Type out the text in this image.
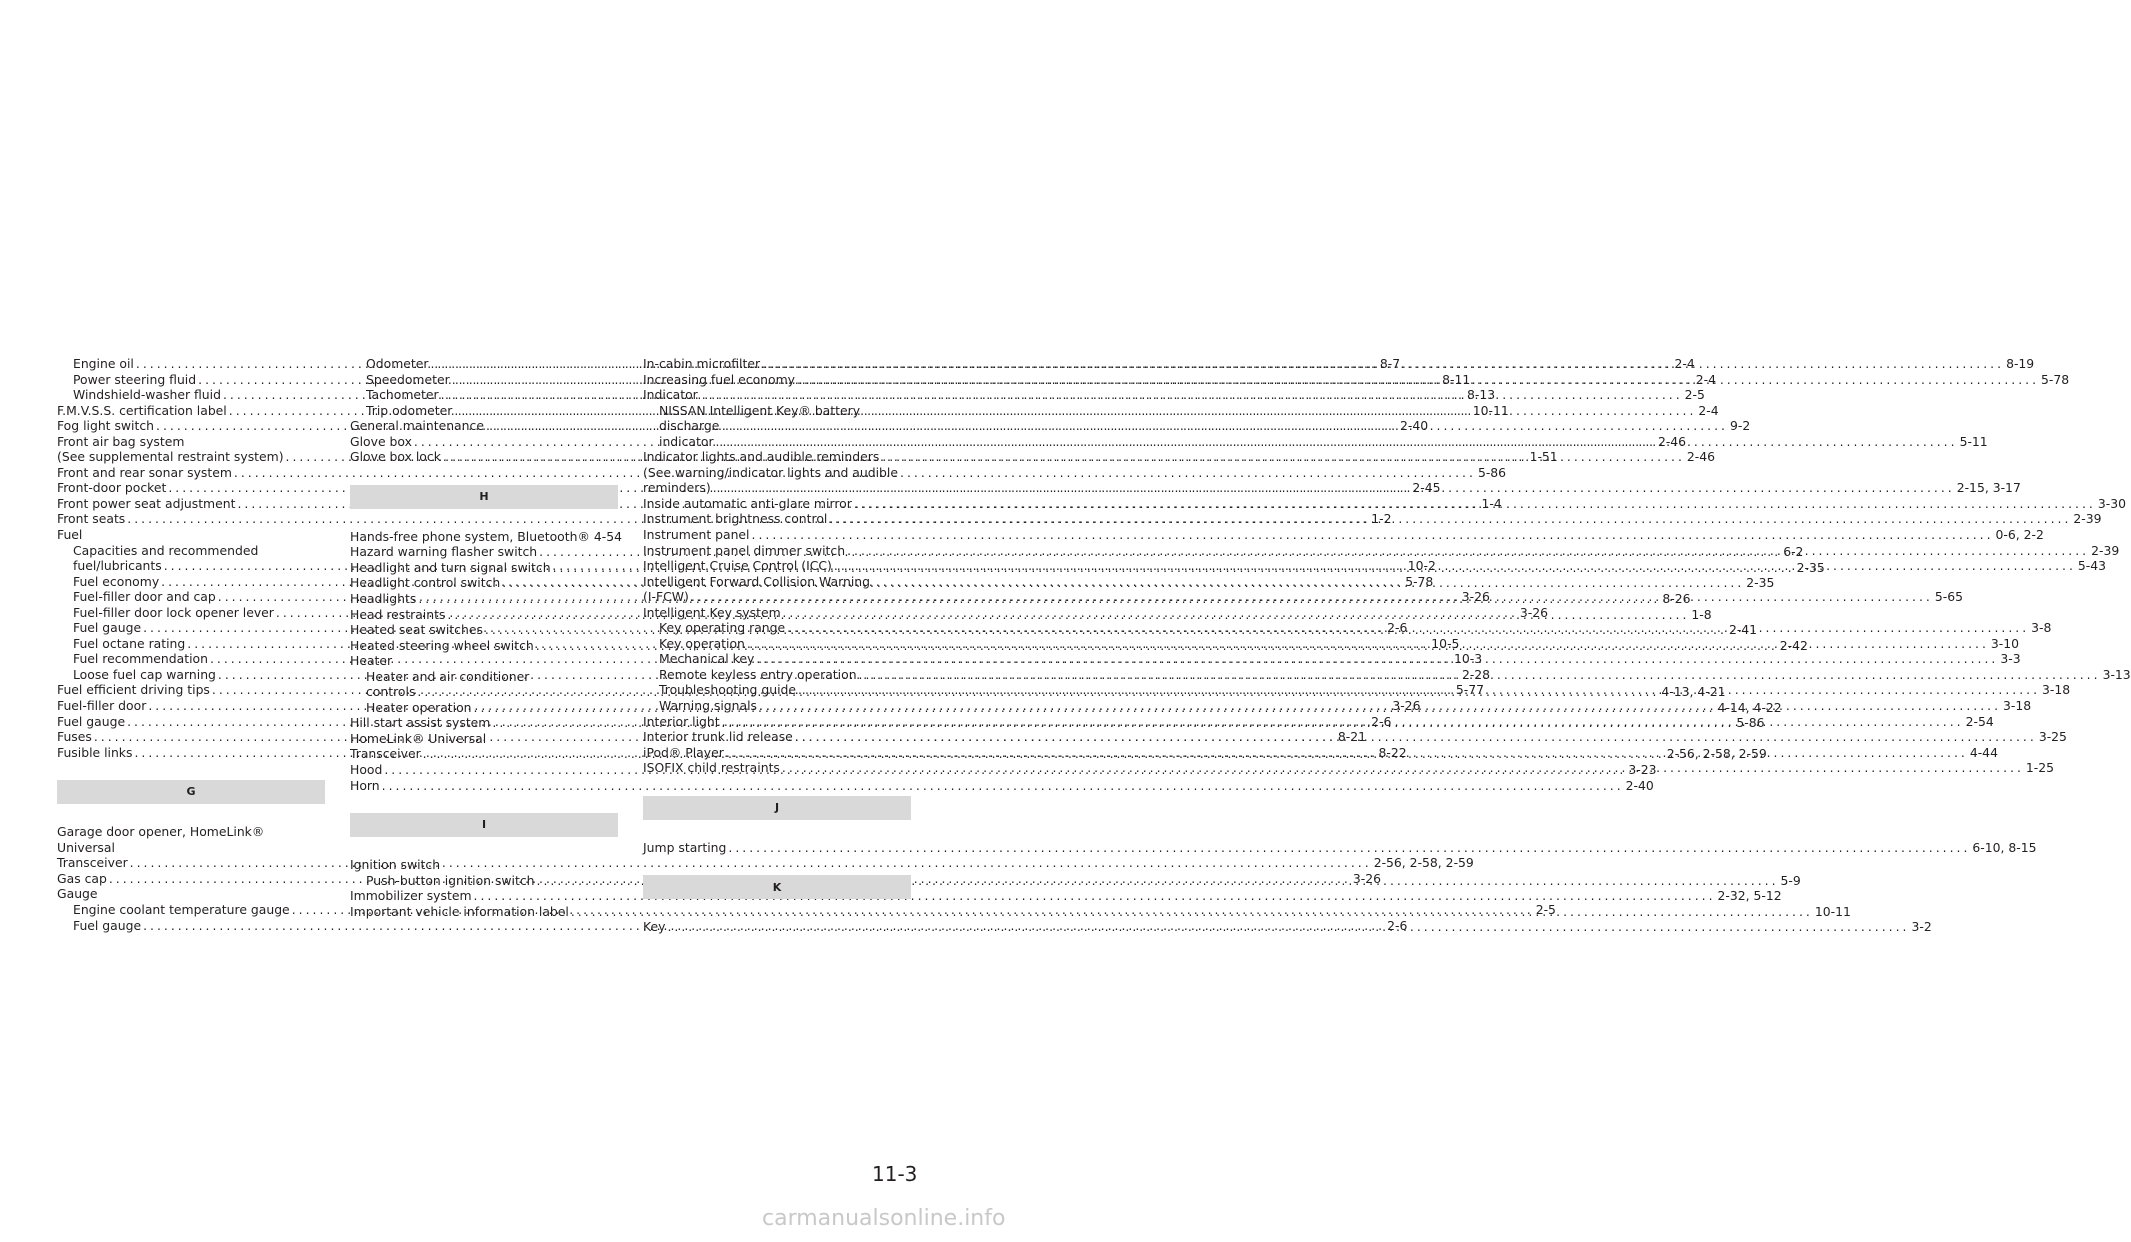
Engine oil .....	8-7
Power steering fluid .....	8-11
Windshield-washer fluid .....	8-13
F.M.V.S.S. certification label .....	10-11
Fog light switch .....	2-40
Front air bag system
(See supplemental restraint system) .....	1-51
Front and rear sonar system .....	5-86
Front-door pocket .....	2-45
Front power seat adjustment .....	1-4
Front seats .....	1-2
Fuel
Capacities and recommended
fuel/lubricants .....	10-2
Fuel economy .....	5-78
Fuel-filler door and cap .....	3-26
Fuel-filler door lock opener lever .....	3-26
Fuel gauge .....	2-6
Fuel octane rating .....	10-5
Fuel recommendation .....	10-3
Loose fuel cap warning .....	2-28
Fuel efficient driving tips .....	5-77
Fuel-filler door .....	3-26
Fuel gauge .....	2-6
Fuses .....	8-21
Fusible links .....	8-22
G
Garage door opener, HomeLink® Universal
Transceiver .....	2-56, 2-58, 2-59
Gas cap .....	3-26
Gauge
Engine coolant temperature gauge .....	2-5
Fuel gauge .....	2-6
Odometer .....	2-4
Speedometer .....	2-4
Tachometer .....	2-5
Trip odometer .....	2-4
General maintenance .....	9-2
Glove box .....	2-46
Glove box lock .....	2-46
H
Hands-free phone system, Bluetooth® 4-54
Hazard warning flasher switch .....	6-2
Headlight and turn signal switch .....	2-35
Headlight control switch .....	2-35
Headlights .....	8-26
Head restraints .....	1-8
Heated seat switches .....	2-41
Heated steering wheel switch .....	2-42
Heater
Heater and air conditioner
controls .....	4-13, 4-21
Heater operation .....	4-14, 4-22
Hill start assist system .....	5-86
HomeLink® Universal
Transceiver .....	2-56, 2-58, 2-59
Hood .....	3-23
Horn .....	2-40
I
Ignition switch
Push-button ignition switch .....	5-9
Immobilizer system .....	2-32, 5-12
Important vehicle information label .....	10-11
In-cabin microfilter .....	8-19
Increasing fuel economy .....	5-78
Indicator
NISSAN Intelligent Key® battery discharge
indicator .....	5-11
Indicator lights and audible reminders
(See warning/indicator lights and audible
reminders) .....	2-15, 3-17
Inside automatic anti-glare mirror .....	3-30
Instrument brightness control .....	2-39
Instrument panel .....	0-6, 2-2
Instrument panel dimmer switch .....	2-39
Intelligent Cruise Control (ICC) .....	5-43
Intelligent Forward Collision Warning
(I-FCW) .....	5-65
Intelligent Key system
Key operating range .....	3-8
Key operation .....	3-10
Mechanical key .....	3-3
Remote keyless entry operation .....	3-13
Troubleshooting guide .....	3-18
Warning signals .....	3-18
Interior light .....	2-54
Interior trunk lid release .....	3-25
iPod® Player .....	4-44
ISOFIX child restraints .....	1-25
J
Jump starting .....	6-10, 8-15
K
Key .....	3-2
11-3
carmanualsonline.info
